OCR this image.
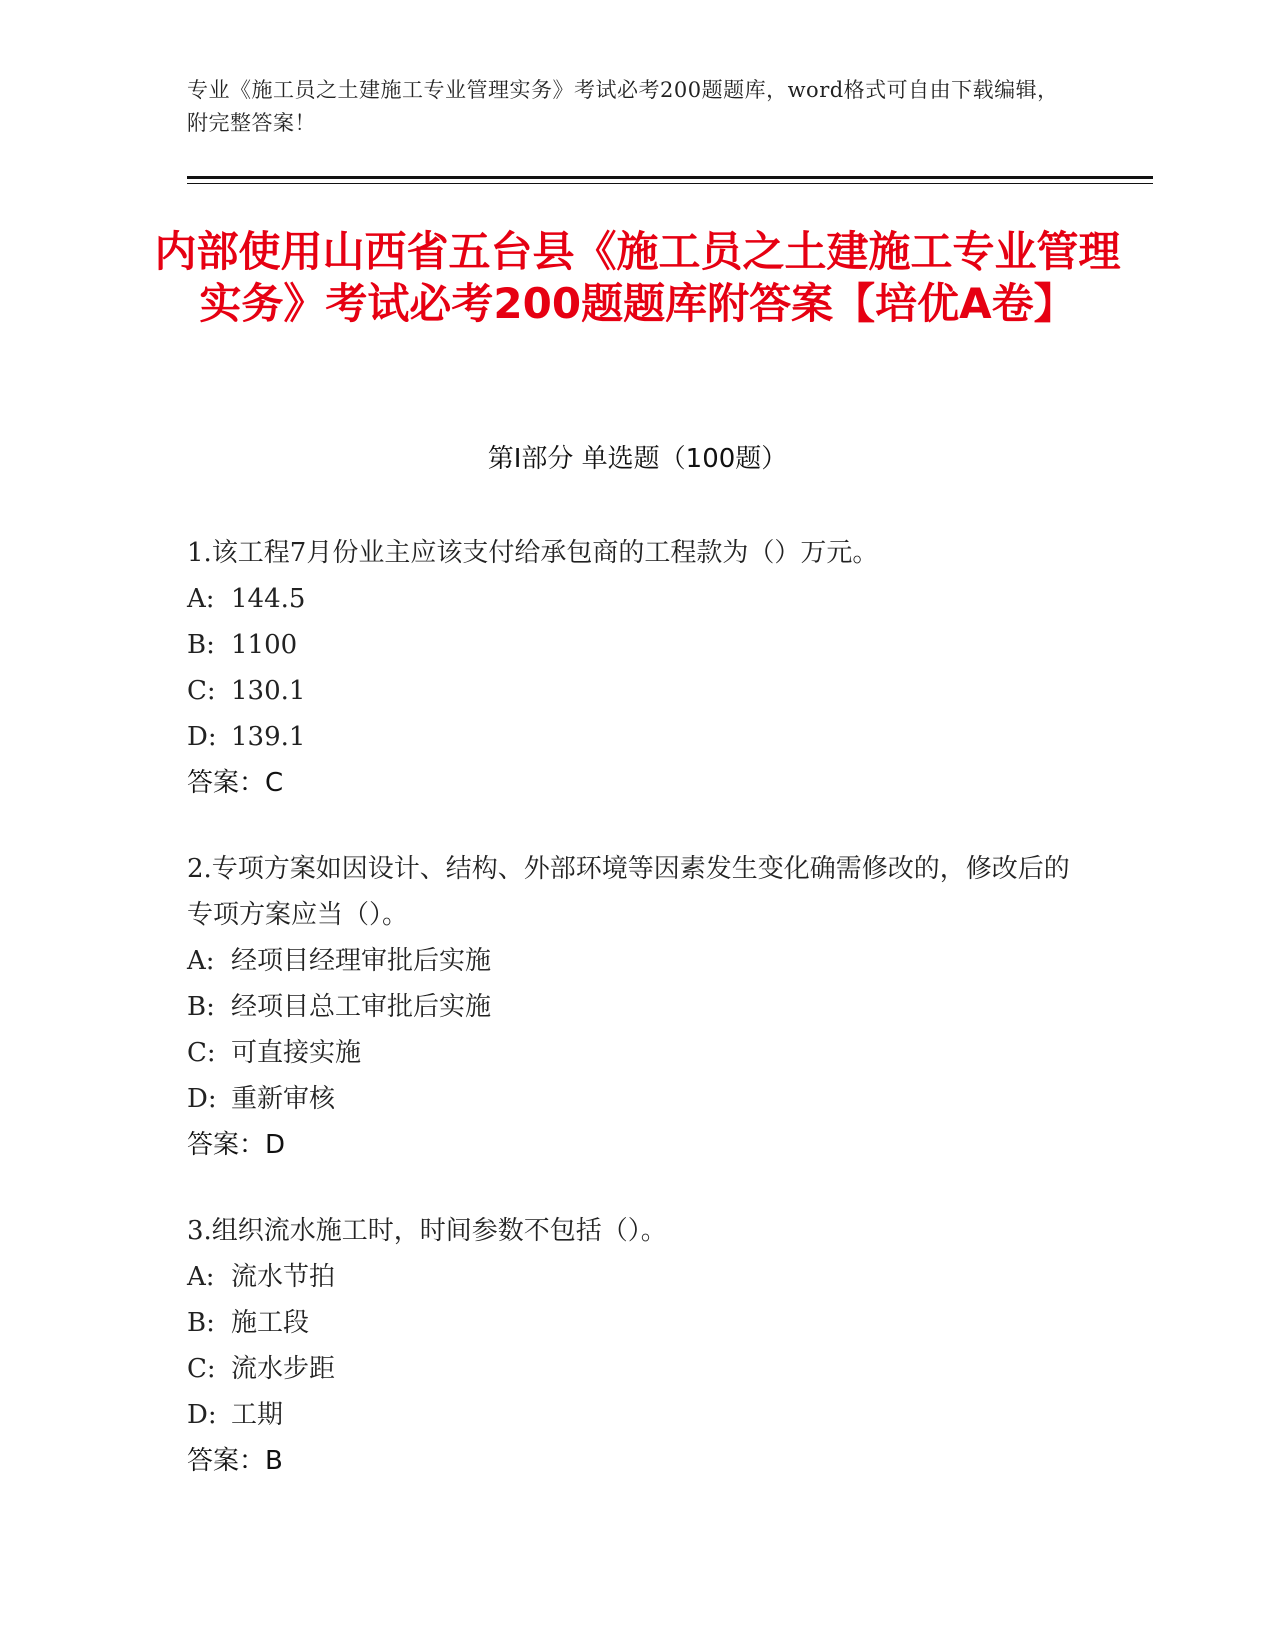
专业《施工员之土建施工专业管理实务》考试必考200题题库，word格式可自由下载编辑，附完整答案！
内部使用山西省五台县《施工员之土建施工专业管理实务》考试必考200题题库附答案【培优A卷】
第I部分 单选题（100题）
1.该工程7月份业主应该支付给承包商的工程款为（）万元。
A: 144.5
B: 1100
C: 130.1
D: 139.1
答案：C
2.专项方案如因设计、结构、外部环境等因素发生变化确需修改的，修改后的专项方案应当（）。
A: 经项目经理审批后实施
B: 经项目总工审批后实施
C: 可直接实施
D: 重新审核
答案：D
3.组织流水施工时，时间参数不包括（）。
A: 流水节拍
B: 施工段
C: 流水步距
D: 工期
答案：B
